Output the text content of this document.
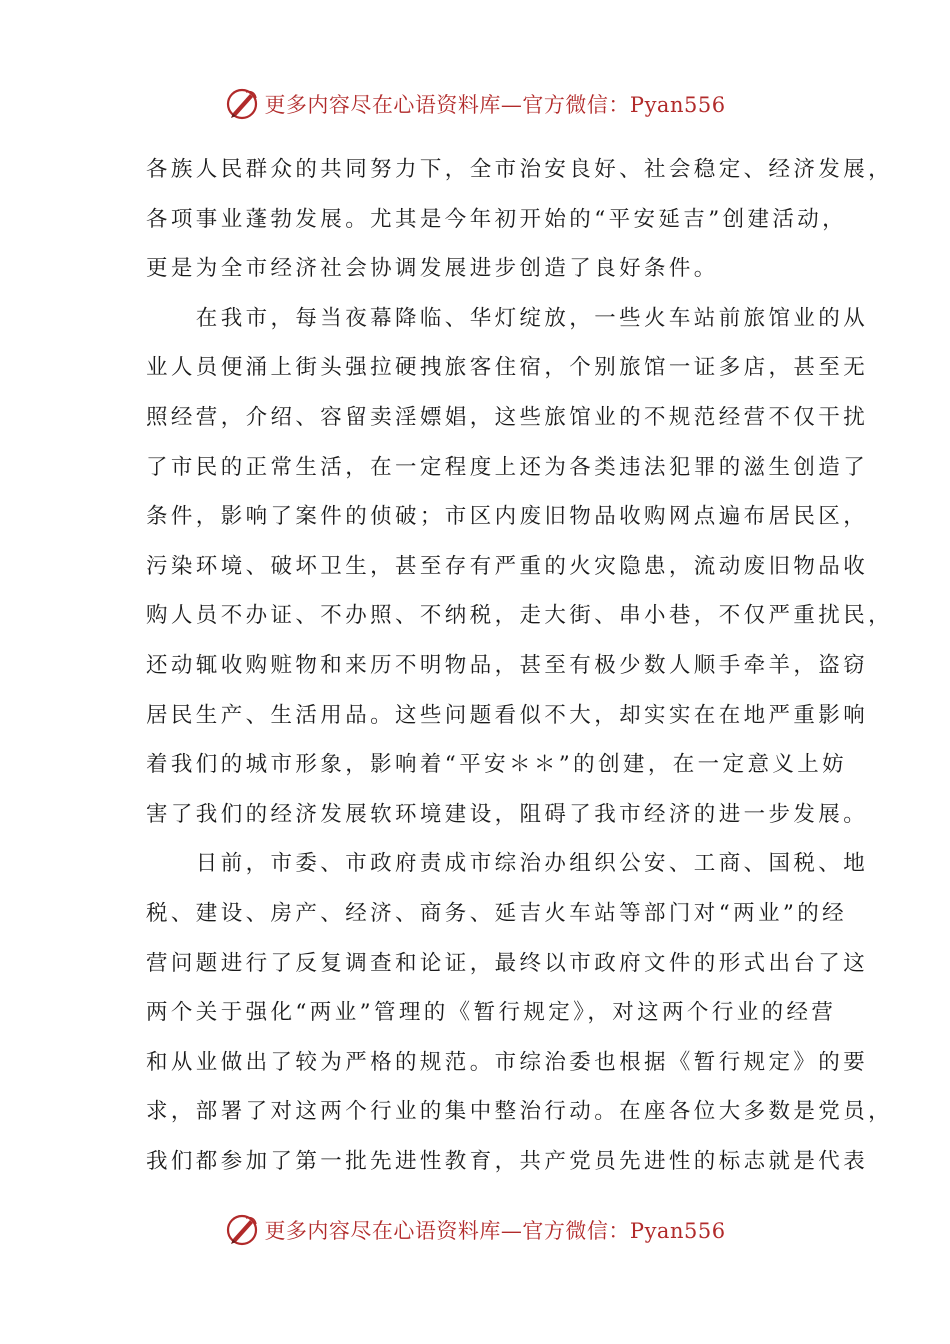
更多内容尽在心语资料库—官方微信：Pyan556
各族人民群众的共同努力下，全市治安良好、社会稳定、经济发展，
各项事业蓬勃发展。尤其是今年初开始的“平安延吉”创建活动，
更是为全市经济社会协调发展进步创造了良好条件。
　　在我市，每当夜幕降临、华灯绽放，一些火车站前旅馆业的从
业人员便涌上街头强拉硬拽旅客住宿，个别旅馆一证多店，甚至无
照经营，介绍、容留卖淫嫖娼，这些旅馆业的不规范经营不仅干扰
了市民的正常生活，在一定程度上还为各类违法犯罪的滋生创造了
条件，影响了案件的侦破；市区内废旧物品收购网点遍布居民区，
污染环境、破坏卫生，甚至存有严重的火灾隐患，流动废旧物品收
购人员不办证、不办照、不纳税，走大街、串小巷，不仅严重扰民，
还动辄收购赃物和来历不明物品，甚至有极少数人顺手牵羊，盗窃
居民生产、生活用品。这些问题看似不大，却实实在在地严重影响
着我们的城市形象，影响着“平安＊＊”的创建，在一定意义上妨
害了我们的经济发展软环境建设，阻碍了我市经济的进一步发展。
　　日前，市委、市政府责成市综治办组织公安、工商、国税、地
税、建设、房产、经济、商务、延吉火车站等部门对“两业”的经
营问题进行了反复调查和论证，最终以市政府文件的形式出台了这
两个关于强化“两业”管理的《暂行规定》，对这两个行业的经营
和从业做出了较为严格的规范。市综治委也根据《暂行规定》的要
求，部署了对这两个行业的集中整治行动。在座各位大多数是党员，
我们都参加了第一批先进性教育，共产党员先进性的标志就是代表
更多内容尽在心语资料库—官方微信：Pyan556
